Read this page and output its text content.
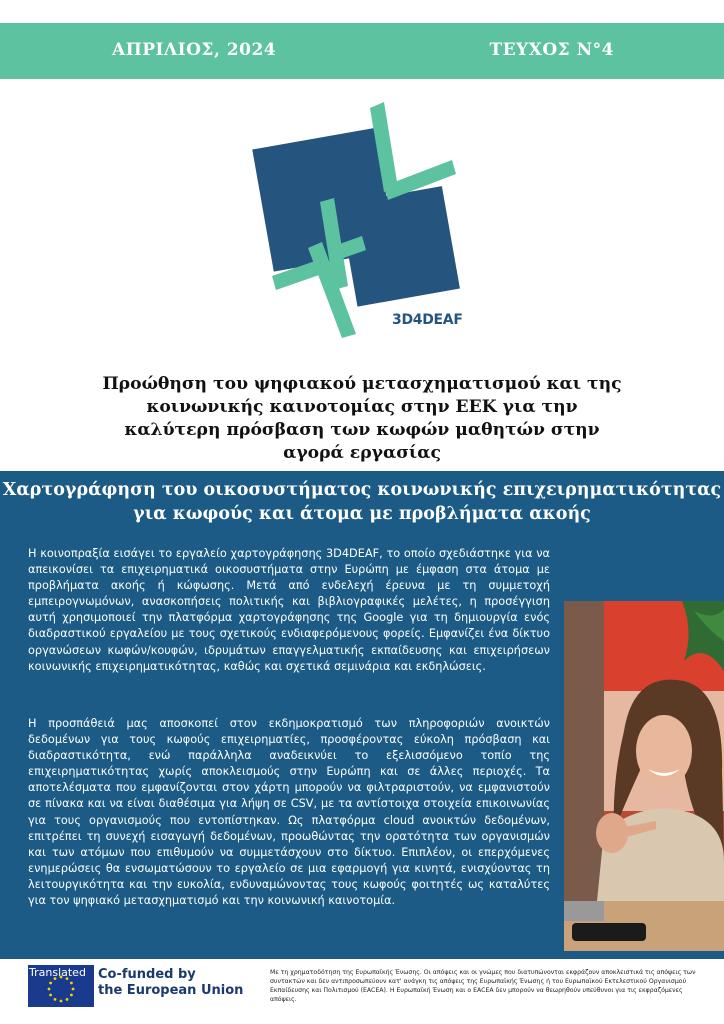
ΑΠΡΙΛΙΟΣ, 2024	ΤΕΥΧΟΣ Ν°4
3D4DEAF
Προώθηση του ψηφιακού μετασχηματισμού και της κοινωνικής καινοτομίας στην ΕΕΚ για την καλύτερη πρόσβαση των κωφών μαθητών στην αγορά εργασίας
Χαρτογράφηση του οικοσυστήματος κοινωνικής επιχειρηματικότητας για κωφούς και άτομα με προβλήματα ακοής

Η κοινοπραξία εισάγει το εργαλείο χαρτογράφησης 3D4DEAF, το οποίο σχεδιάστηκε για να απεικονίσει τα επιχειρηματικά οικοσυστήματα στην Ευρώπη με έμφαση στα άτομα με προβλήματα ακοής ή κώφωσης. Μετά από ενδελεχή έρευνα με τη συμμετοχή εμπειρογνωμόνων, ανασκοπήσεις πολιτικής και βιβλιογραφικές μελέτες, η προσέγγιση αυτή χρησιμοποιεί την πλατφόρμα χαρτογράφησης της Google για τη δημιουργία ενός διαδραστικού εργαλείου με τους σχετικούς ενδιαφερόμενους φορείς. Εμφανίζει ένα δίκτυο οργανώσεων κωφών/κουφών, ιδρυμάτων επαγγελματικής εκπαίδευσης και επιχειρήσεων κοινωνικής επιχειρηματικότητας, καθώς και σχετικά σεμινάρια και εκδηλώσεις.

Η προσπάθειά μας αποσκοπεί στον εκδημοκρατισμό των πληροφοριών ανοικτών δεδομένων για τους κωφούς επιχειρηματίες, προσφέροντας εύκολη πρόσβαση και διαδραστικότητα, ενώ παράλληλα αναδεικνύει το εξελισσόμενο τοπίο της επιχειρηματικότητας χωρίς αποκλεισμούς στην Ευρώπη και σε άλλες περιοχές. Τα αποτελέσματα που εμφανίζονται στον χάρτη μπορούν να φιλτραριστούν, να εμφανιστούν σε πίνακα και να είναι διαθέσιμα για λήψη σε CSV, με τα αντίστοιχα στοιχεία επικοινωνίας για τους οργανισμούς που εντοπίστηκαν. Ως πλατφόρμα cloud ανοικτών δεδομένων, επιτρέπει τη συνεχή εισαγωγή δεδομένων, προωθώντας την ορατότητα των οργανισμών και των ατόμων που επιθυμούν να συμμετάσχουν στο δίκτυο. Επιπλέον, οι επερχόμενες ενημερώσεις θα ενσωματώσουν το εργαλείο σε μια εφαρμογή για κινητά, ενισχύοντας τη λειτουργικότητα και την ευκολία, ενδυναμώνοντας τους κωφούς φοιτητές ως καταλύτες για τον ψηφιακό μετασχηματισμό και την κοινωνική καινοτομία.

Translated Co-funded by
the European Union
Με τη χρηματοδότηση της Ευρωπαϊκής Ένωσης. Οι απόψεις και οι γνώμες που διατυπώνονται εκφράζουν αποκλειστικά τις απόψεις των συντακτών και δεν αντιπροσωπεύουν κατ' ανάγκη τις απόψεις της Ευρωπαϊκής Ένωσης ή του Ευρωπαϊκού Εκτελεστικού Οργανισμού Εκπαίδευσης και Πολιτισμού (EACEA). Η Ευρωπαϊκή Ένωση και ο EACEA δεν μπορούν να θεωρηθούν υπεύθυνοι για τις εκφραζόμενες απόψεις.
